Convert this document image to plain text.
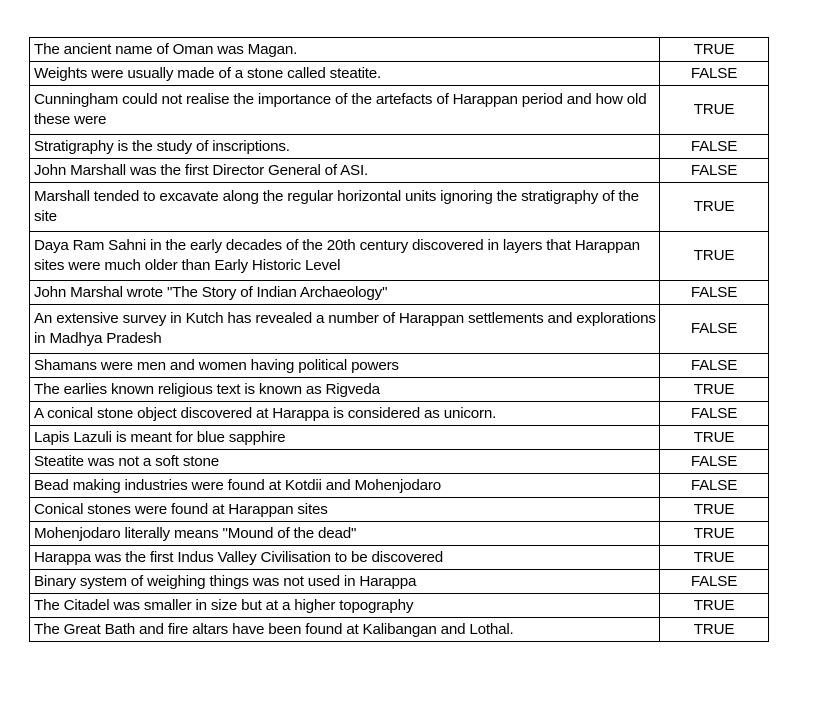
The ancient name of Oman was Magan.	TRUE
Weights were usually made of a stone called steatite.	FALSE
Cunningham could not realise the importance of the artefacts of Harappan period and how old these were	TRUE
Stratigraphy is the study of inscriptions.	FALSE
John Marshall was the first Director General of ASI.	FALSE
Marshall tended to excavate along the regular horizontal units ignoring the stratigraphy of the site	TRUE
Daya Ram Sahni in the early decades of the 20th century discovered in layers that Harappan sites were much older than Early Historic Level	TRUE
John Marshal wrote "The Story of Indian Archaeology"	FALSE
An extensive survey in Kutch has revealed a number of Harappan settlements and explorations in Madhya Pradesh	FALSE
Shamans were men and women having political powers	FALSE
The earlies known religious text is known as Rigveda	TRUE
A conical stone object discovered at Harappa is considered as unicorn.	FALSE
Lapis Lazuli is meant for blue sapphire	TRUE
Steatite was not a soft stone	FALSE
Bead making industries were found at Kotdii and Mohenjodaro	FALSE
Conical stones were found at Harappan sites	TRUE
Mohenjodaro literally means "Mound of the dead"	TRUE
Harappa was the first Indus Valley Civilisation to be discovered	TRUE
Binary system of weighing things was not used in Harappa	FALSE
The Citadel was smaller in size but at a higher topography	TRUE
The Great Bath and fire altars have been found at Kalibangan and Lothal.	TRUE
